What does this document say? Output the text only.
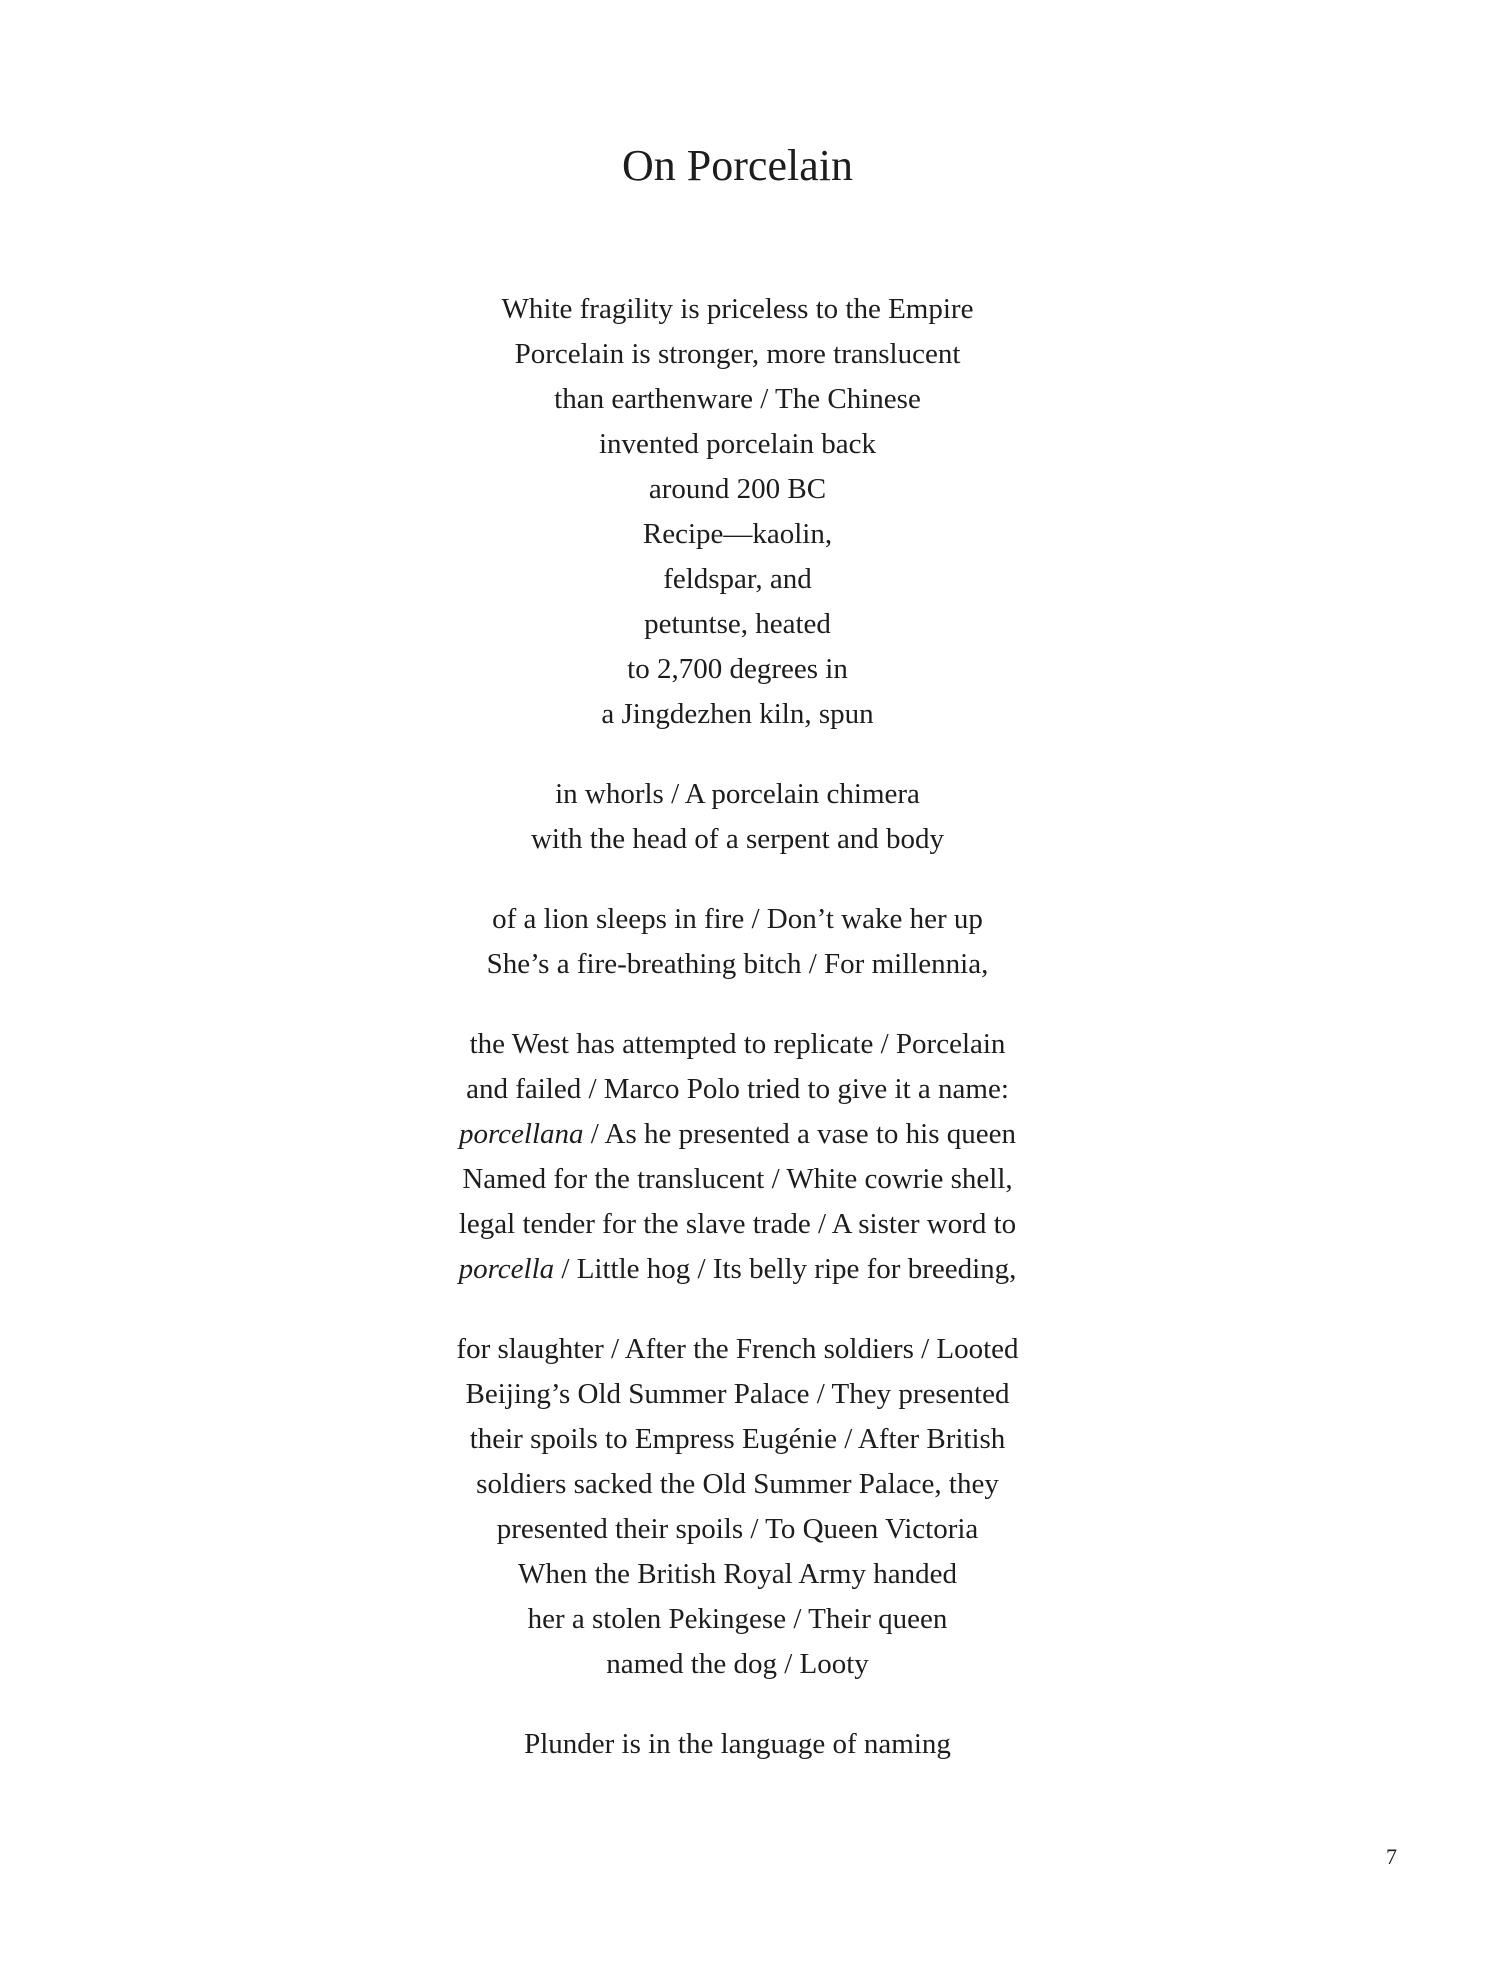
On Porcelain

White fragility is priceless to the Empire
Porcelain is stronger, more translucent
than earthenware / The Chinese
invented porcelain back
around 200 BC
Recipe—kaolin,
feldspar, and
petuntse, heated
to 2,700 degrees in
a Jingdezhen kiln, spun

in whorls / A porcelain chimera
with the head of a serpent and body

of a lion sleeps in fire / Don’t wake her up
She’s a fire-breathing bitch / For millennia,

the West has attempted to replicate / Porcelain
and failed / Marco Polo tried to give it a name:
porcellana / As he presented a vase to his queen
Named for the translucent / White cowrie shell,
legal tender for the slave trade / A sister word to
porcella / Little hog / Its belly ripe for breeding,

for slaughter / After the French soldiers / Looted
Beijing’s Old Summer Palace / They presented
their spoils to Empress Eugénie / After British
soldiers sacked the Old Summer Palace, they
presented their spoils / To Queen Victoria
When the British Royal Army handed
her a stolen Pekingese / Their queen
named the dog / Looty

Plunder is in the language of naming

7
